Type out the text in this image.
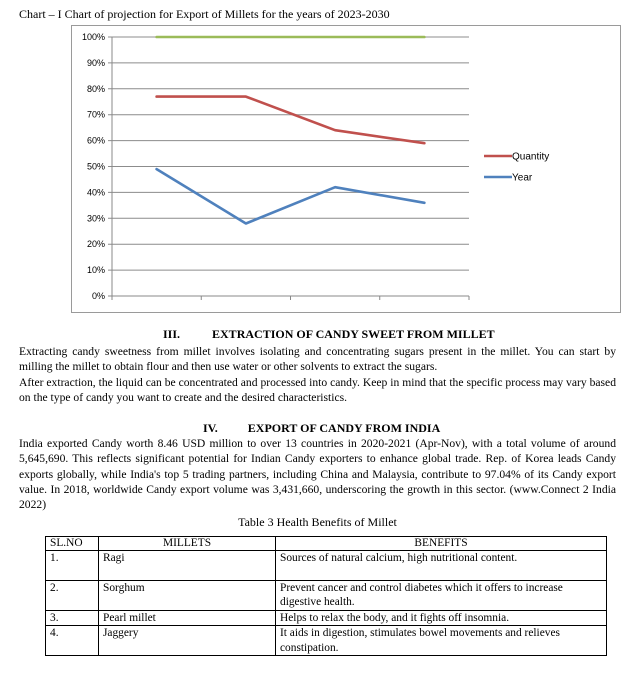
Chart – I Chart of projection for Export of Millets for the years of 2023-2030
100%
90%
80%
70%
60%
50%
40%
30%
20%
10%
0%
Quantity
Year
III.	EXTRACTION OF CANDY SWEET FROM MILLET
Extracting candy sweetness from millet involves isolating and concentrating sugars present in the millet. You can start by milling the millet to obtain flour and then use water or other solvents to extract the sugars.
After extraction, the liquid can be concentrated and processed into candy. Keep in mind that the specific process may vary based on the type of candy you want to create and the desired characteristics.
IV.	EXPORT OF CANDY FROM INDIA
India exported Candy worth 8.46 USD million to over 13 countries in 2020-2021 (Apr-Nov), with a total volume of around 5,645,690. This reflects significant potential for Indian Candy exporters to enhance global trade. Rep. of Korea leads Candy exports globally, while India's top 5 trading partners, including China and Malaysia, contribute to 97.04% of its Candy export value. In 2018, worldwide Candy export volume was 3,431,660, underscoring the growth in this sector. (www.Connect 2 India 2022)
Table 3 Health Benefits of Millet
SL.NO	MILLETS	BENEFITS
1.	Ragi	Sources of natural calcium, high nutritional content.
2.	Sorghum	Prevent cancer and control diabetes which it offers to increase digestive health.
3.	Pearl millet	Helps to relax the body, and it fights off insomnia.
4.	Jaggery	It aids in digestion, stimulates bowel movements and relieves constipation.
